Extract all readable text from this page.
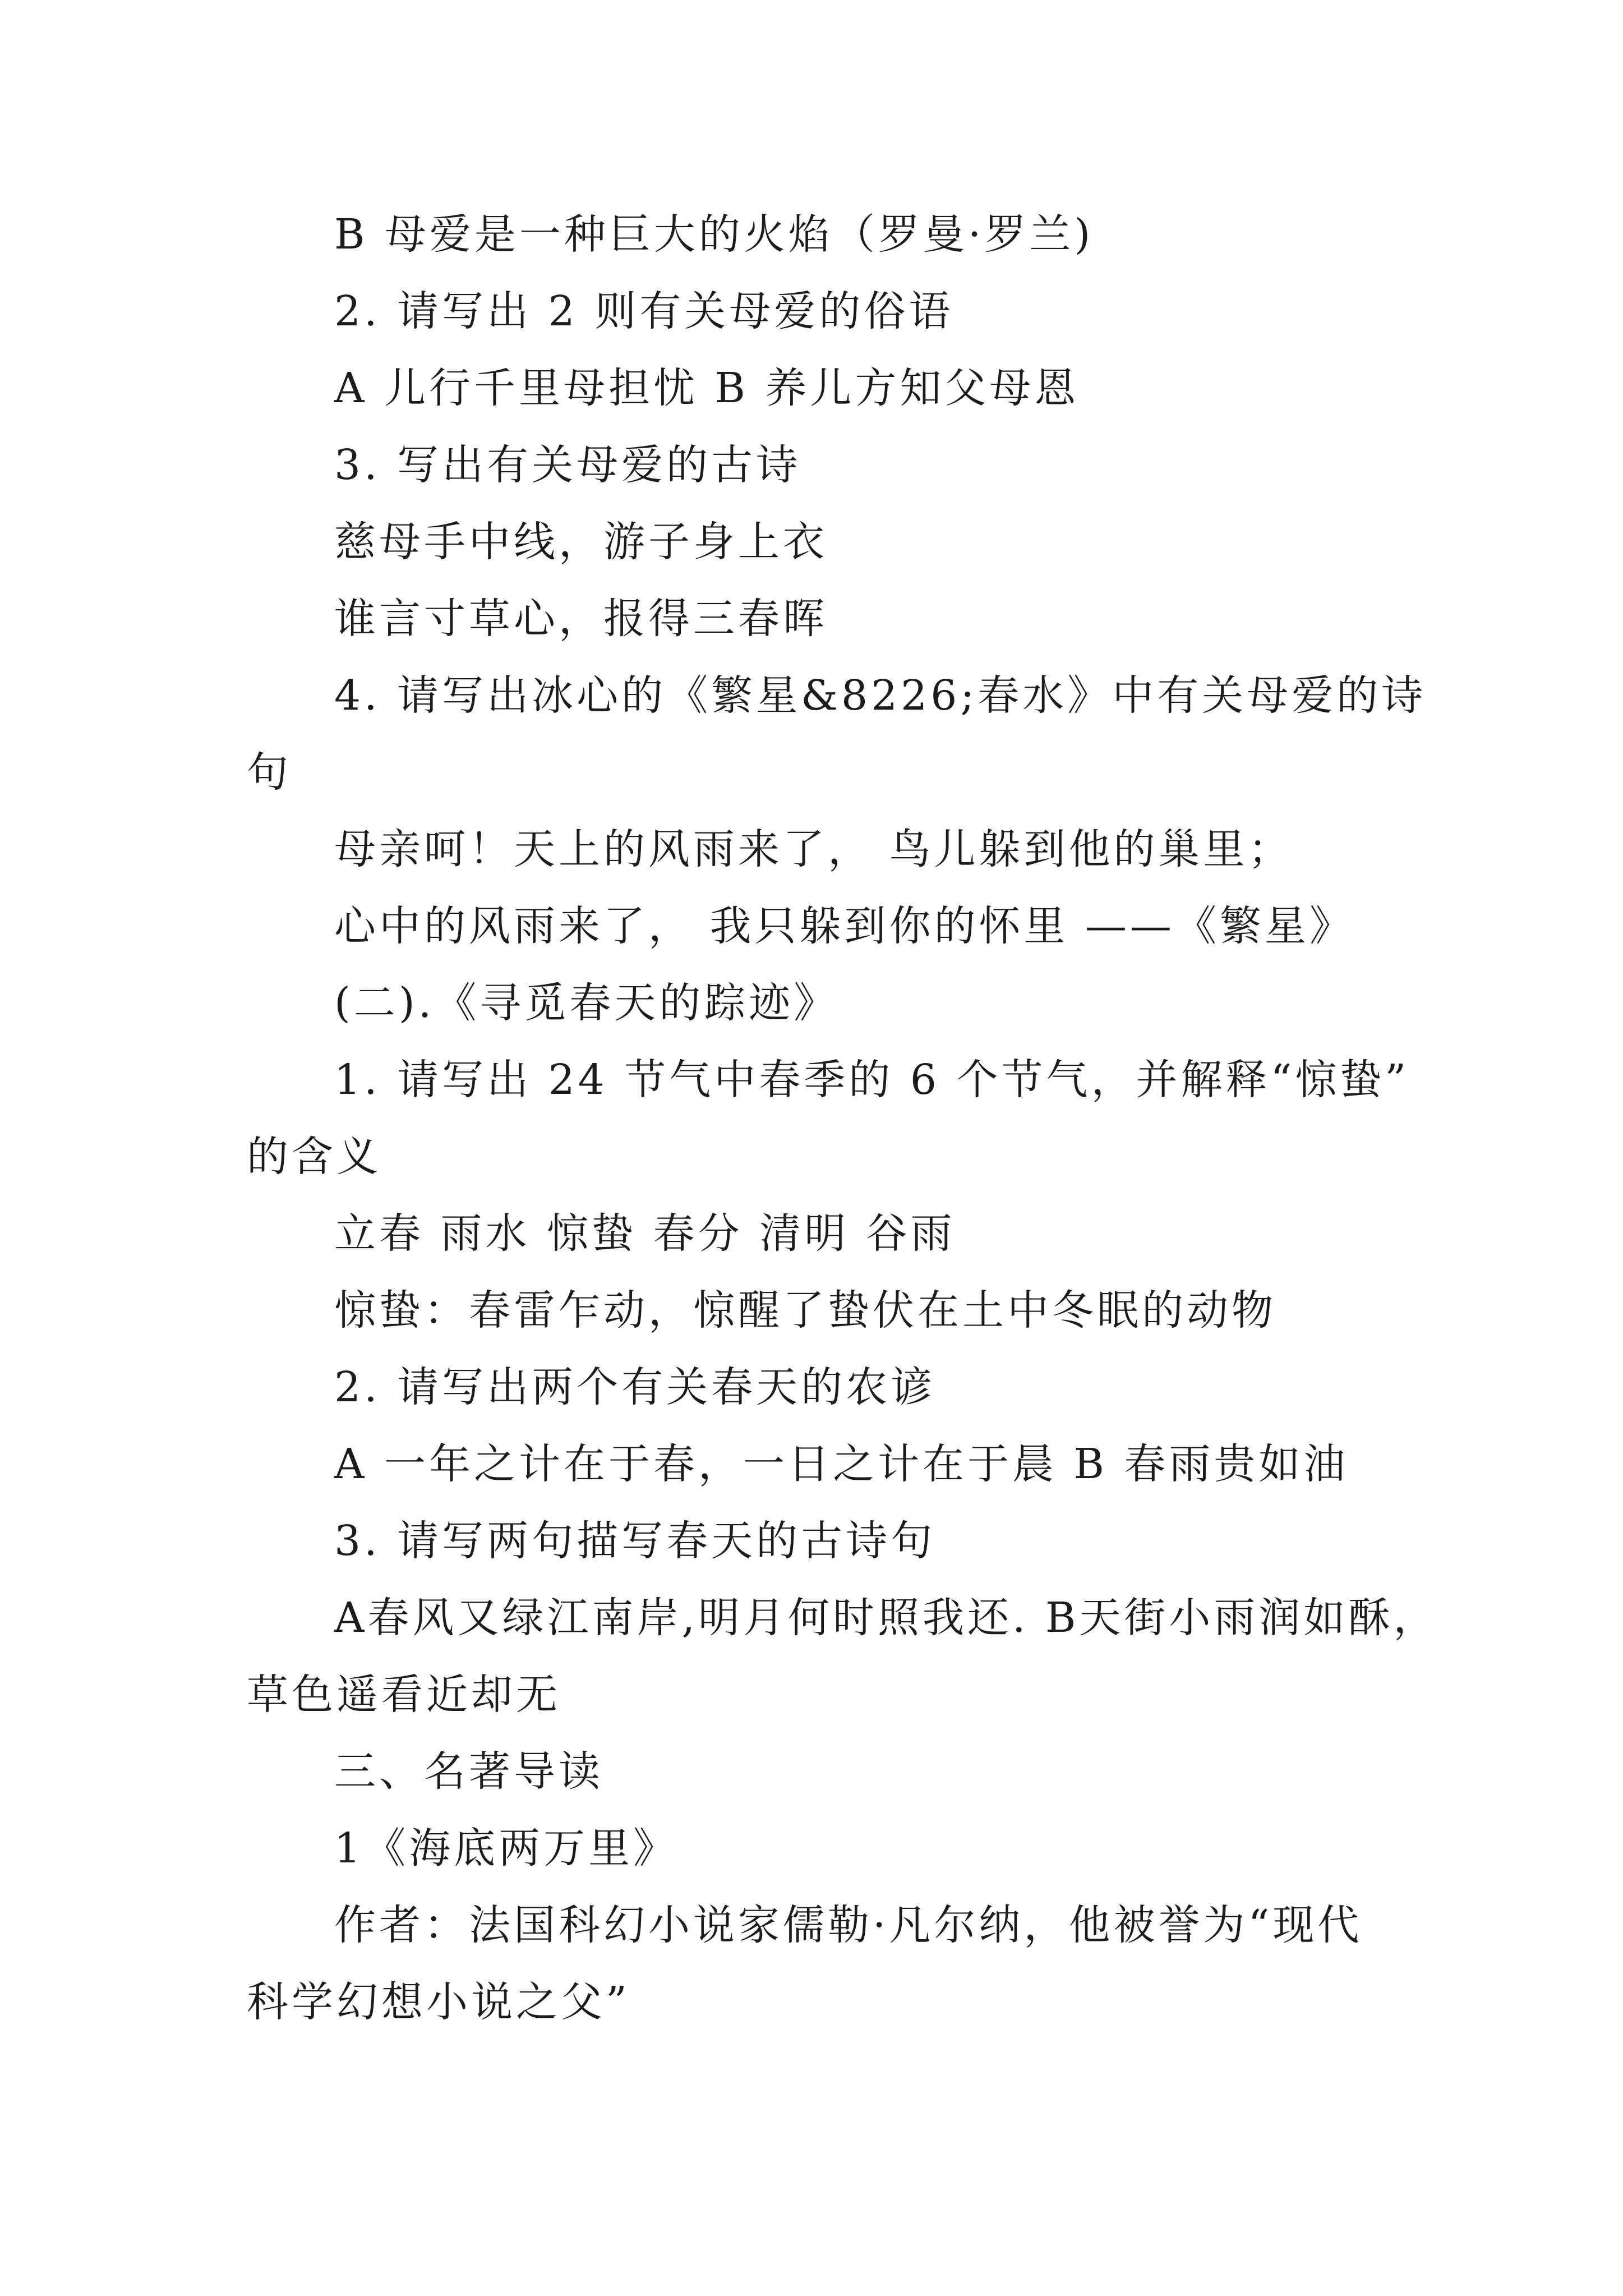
B 母爱是一种巨大的火焰（罗曼·罗兰)
2. 请写出 2 则有关母爱的俗语
A 儿行千里母担忧 B 养儿方知父母恩
3. 写出有关母爱的古诗
慈母手中线，游子身上衣
谁言寸草心，报得三春晖
4. 请写出冰心的《繁星&8226;春水》中有关母爱的诗
句
母亲呵！天上的风雨来了， 鸟儿躲到他的巢里；
心中的风雨来了， 我只躲到你的怀里 ——《繁星》
(二).《寻觅春天的踪迹》
1. 请写出 24 节气中春季的 6 个节气，并解释“惊蛰”
的含义
立春 雨水 惊蛰 春分 清明 谷雨
惊蛰：春雷乍动，惊醒了蛰伏在土中冬眠的动物
2. 请写出两个有关春天的农谚
A 一年之计在于春，一日之计在于晨 B 春雨贵如油
3. 请写两句描写春天的古诗句
A春风又绿江南岸,明月何时照我还. B天街小雨润如酥，
草色遥看近却无
三、名著导读
1《海底两万里》
作者：法国科幻小说家儒勒·凡尔纳，他被誉为“现代
科学幻想小说之父”
